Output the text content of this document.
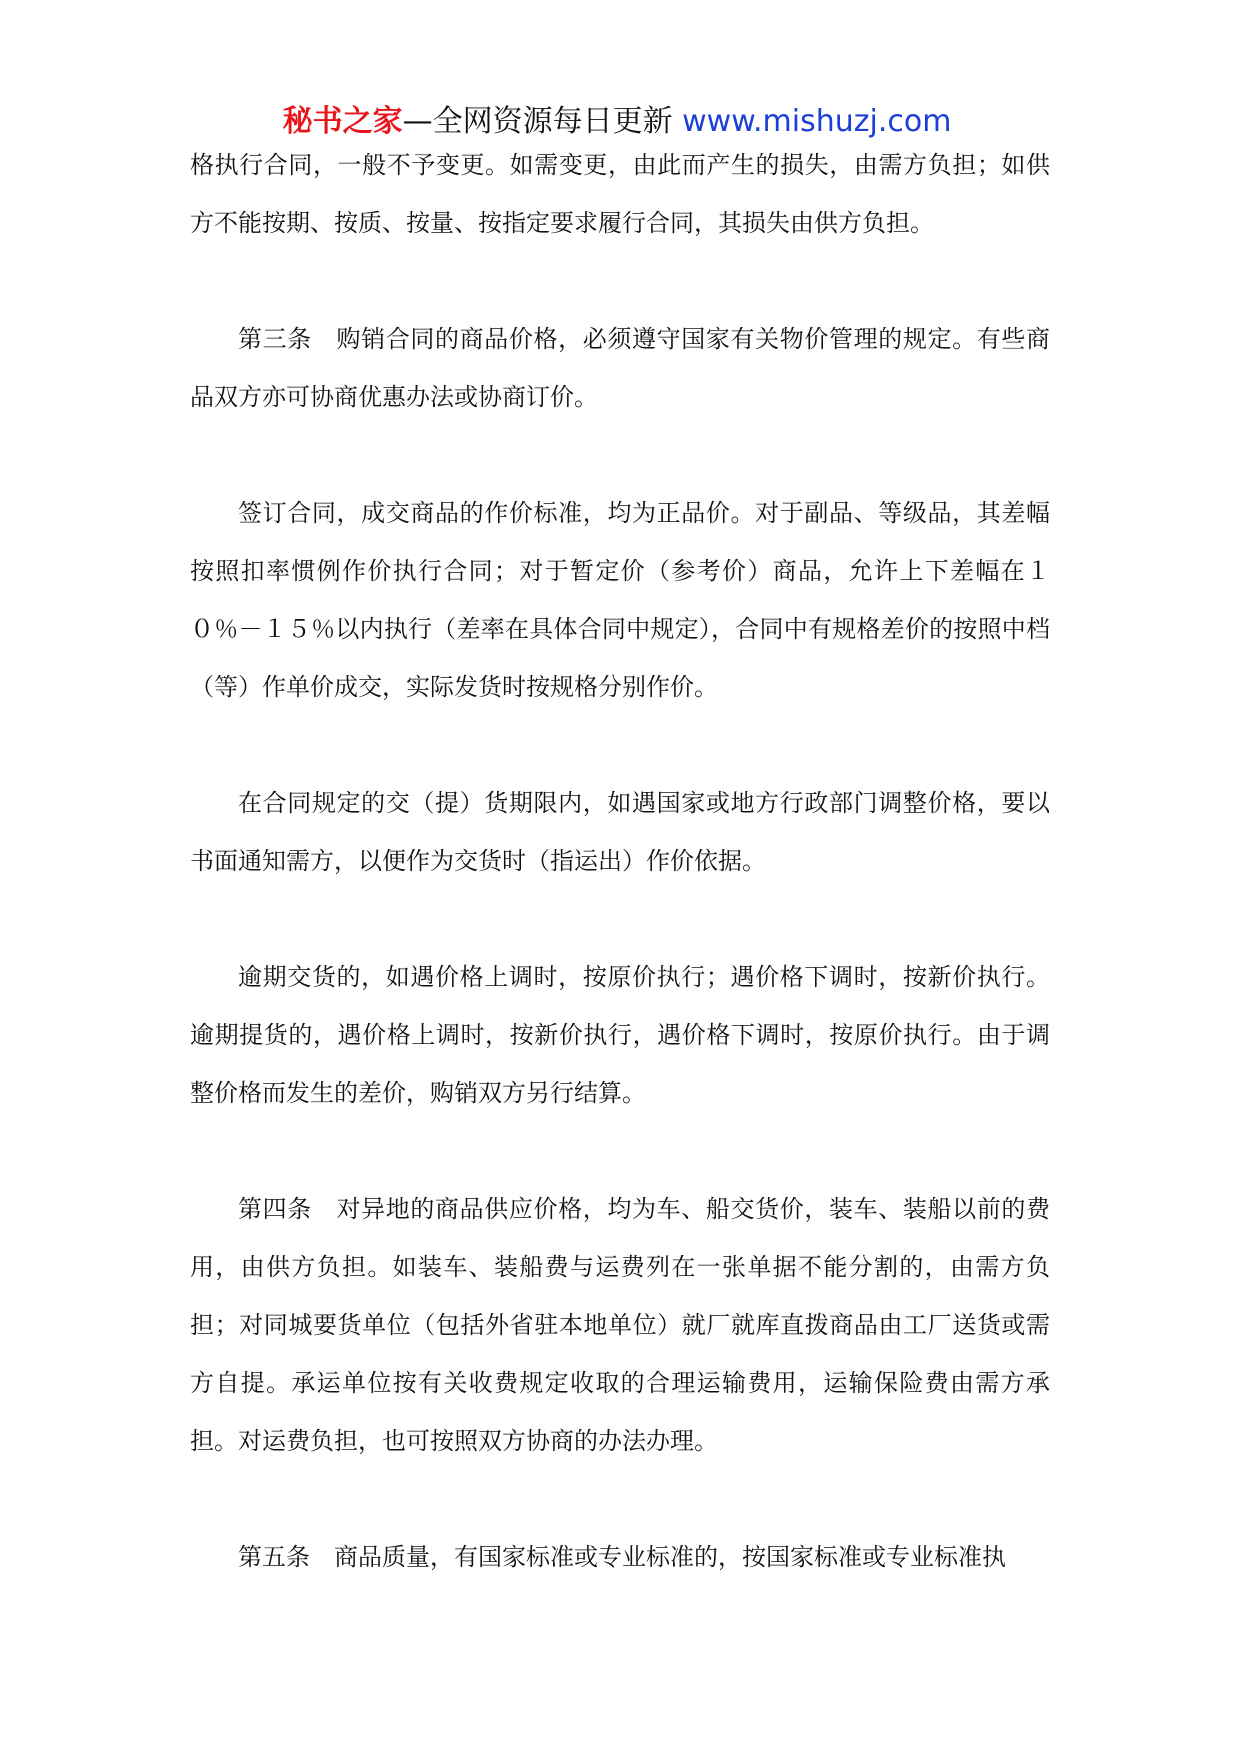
秘书之家—全网资源每日更新 www.mishuzj.com

格执行合同，一般不予变更。如需变更，由此而产生的损失，由需方负担；如供方不能按期、按质、按量、按指定要求履行合同，其损失由供方负担。

第三条　购销合同的商品价格，必须遵守国家有关物价管理的规定。有些商品双方亦可协商优惠办法或协商订价。

签订合同，成交商品的作价标准，均为正品价。对于副品、等级品，其差幅按照扣率惯例作价执行合同；对于暂定价（参考价）商品，允许上下差幅在１０％－１５％以内执行（差率在具体合同中规定），合同中有规格差价的按照中档（等）作单价成交，实际发货时按规格分别作价。

在合同规定的交（提）货期限内，如遇国家或地方行政部门调整价格，要以书面通知需方，以便作为交货时（指运出）作价依据。

逾期交货的，如遇价格上调时，按原价执行；遇价格下调时，按新价执行。逾期提货的，遇价格上调时，按新价执行，遇价格下调时，按原价执行。由于调整价格而发生的差价，购销双方另行结算。

第四条　对异地的商品供应价格，均为车、船交货价，装车、装船以前的费用，由供方负担。如装车、装船费与运费列在一张单据不能分割的，由需方负担；对同城要货单位（包括外省驻本地单位）就厂就库直拨商品由工厂送货或需方自提。承运单位按有关收费规定收取的合理运输费用，运输保险费由需方承担。对运费负担，也可按照双方协商的办法办理。

第五条　商品质量，有国家标准或专业标准的，按国家标准或专业标准执
